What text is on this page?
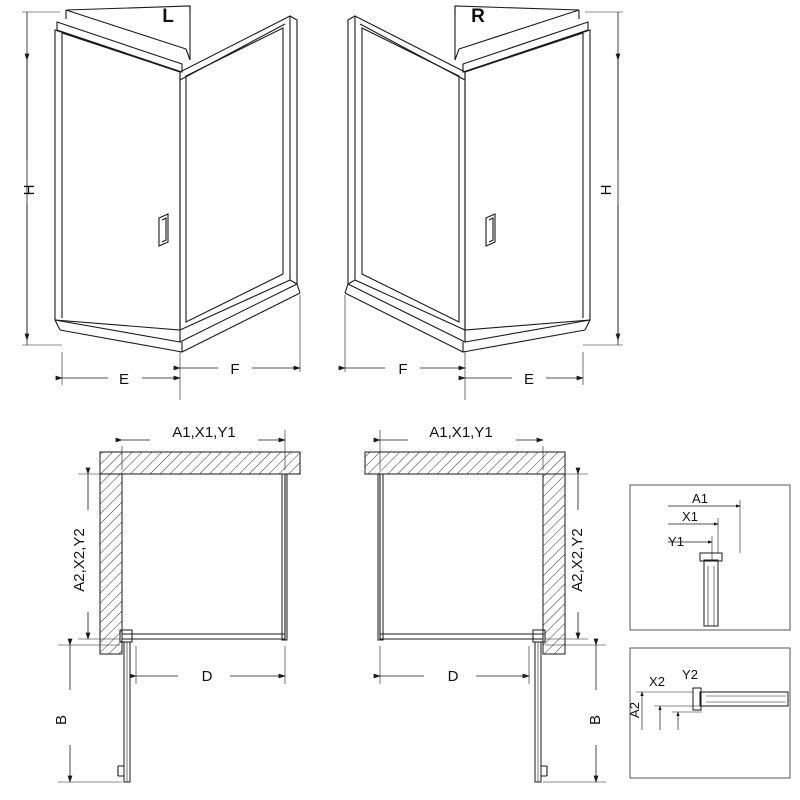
L
H
E
F
R
H
E
F
A1,X1,Y1
A2,X2,Y2
D
B
A1,X1,Y1
A2,X2,Y2
D
B
A1
X1
Y1
A2
X2 Y2
